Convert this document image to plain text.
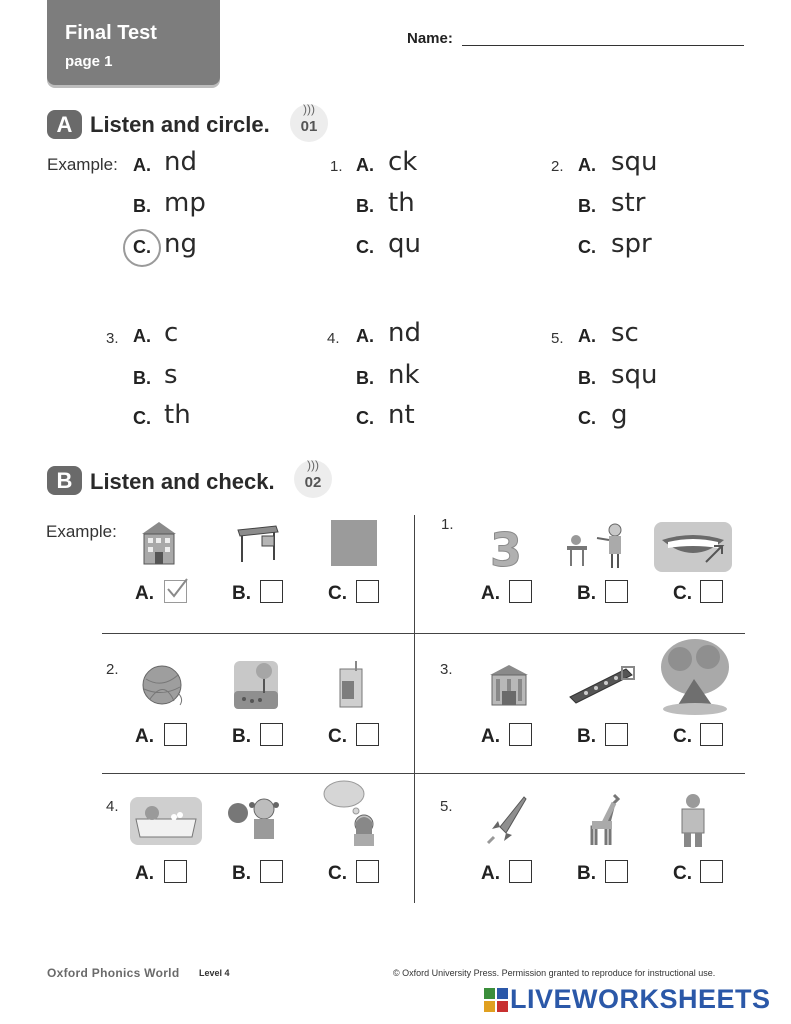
Final Test
page 1
Name:
A Listen and circle.
)))
01
Example: A. nd
B. mp
C. ng
1. A. ck
B. th
C. qu
2. A. squ
B. str
C. spr
3. A. c
B. s
C. th
4. A. nd
B. nk
C. nt
5. A. sc
B. squ
C. g
B Listen and check.
)))
02
Example:
A.	B.	C.
1. 3
A.	B.	C.
2.
A.	B.	C.
3.
A.	B.	C.
4.
A.	B.	C.
5.
A.	B.	C.
Oxford Phonics World Level 4	© Oxford University Press. Permission granted to reproduce for instructional use.
LIVEWORKSHEETS
